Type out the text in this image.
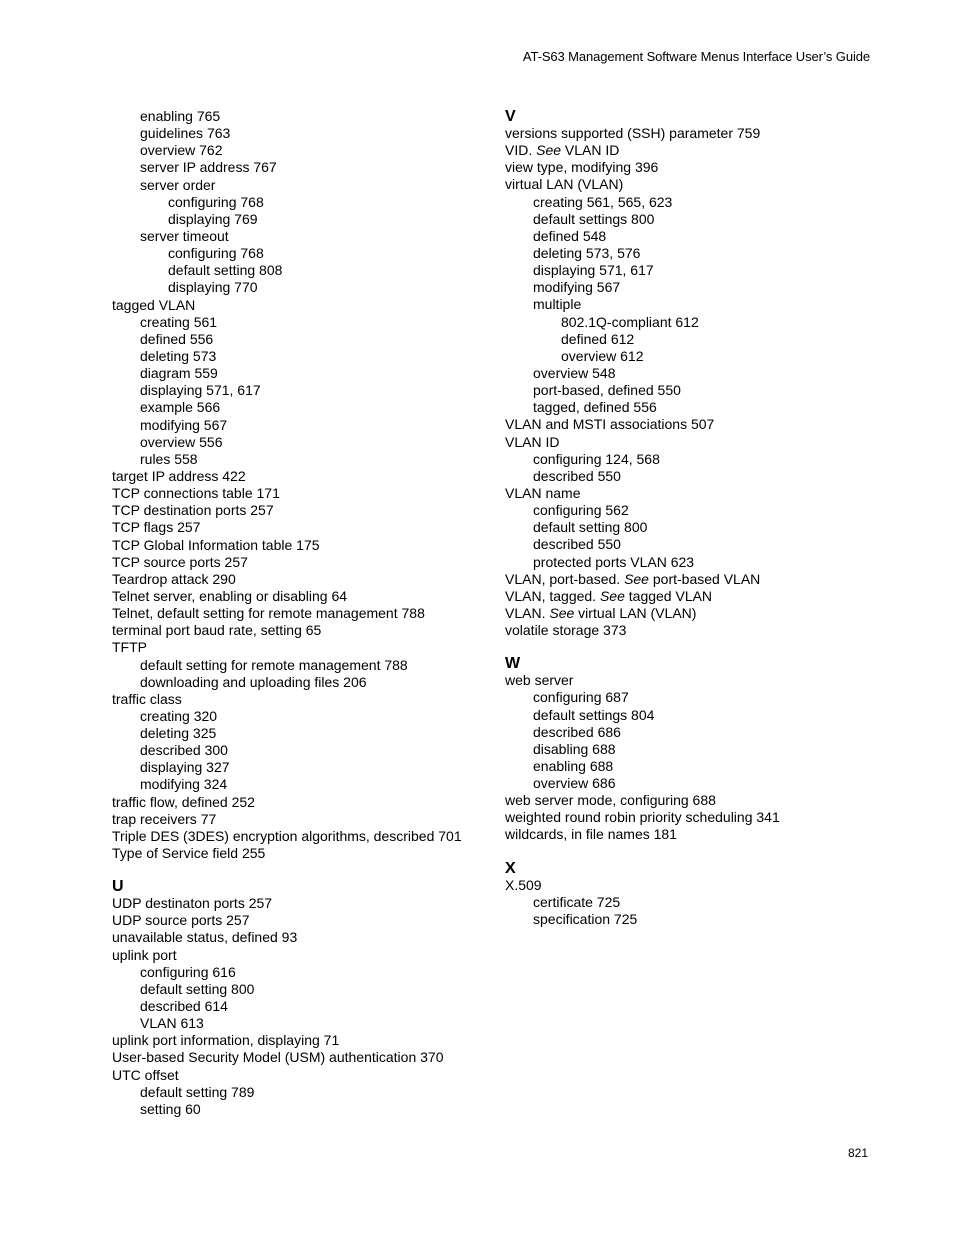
AT-S63 Management Software Menus Interface User’s Guide
enabling 765
guidelines 763
overview 762
server IP address 767
server order
configuring 768
displaying 769
server timeout
configuring 768
default setting 808
displaying 770
tagged VLAN
creating 561
defined 556
deleting 573
diagram 559
displaying 571, 617
example 566
modifying 567
overview 556
rules 558
target IP address 422
TCP connections table 171
TCP destination ports 257
TCP flags 257
TCP Global Information table 175
TCP source ports 257
Teardrop attack 290
Telnet server, enabling or disabling 64
Telnet, default setting for remote management 788
terminal port baud rate, setting 65
TFTP
default setting for remote management 788
downloading and uploading files 206
traffic class
creating 320
deleting 325
described 300
displaying 327
modifying 324
traffic flow, defined 252
trap receivers 77
Triple DES (3DES) encryption algorithms, described 701
Type of Service field 255
U
UDP destinaton ports 257
UDP source ports 257
unavailable status, defined 93
uplink port
configuring 616
default setting 800
described 614
VLAN 613
uplink port information, displaying 71
User-based Security Model (USM) authentication 370
UTC offset
default setting 789
setting 60
V
versions supported (SSH) parameter 759
VID. See VLAN ID
view type, modifying 396
virtual LAN (VLAN)
creating 561, 565, 623
default settings 800
defined 548
deleting 573, 576
displaying 571, 617
modifying 567
multiple
802.1Q-compliant 612
defined 612
overview 612
overview 548
port-based, defined 550
tagged, defined 556
VLAN and MSTI associations 507
VLAN ID
configuring 124, 568
described 550
VLAN name
configuring 562
default setting 800
described 550
protected ports VLAN 623
VLAN, port-based. See port-based VLAN
VLAN, tagged. See tagged VLAN
VLAN. See virtual LAN (VLAN)
volatile storage 373
W
web server
configuring 687
default settings 804
described 686
disabling 688
enabling 688
overview 686
web server mode, configuring 688
weighted round robin priority scheduling 341
wildcards, in file names 181
X
X.509
certificate 725
specification 725
821
